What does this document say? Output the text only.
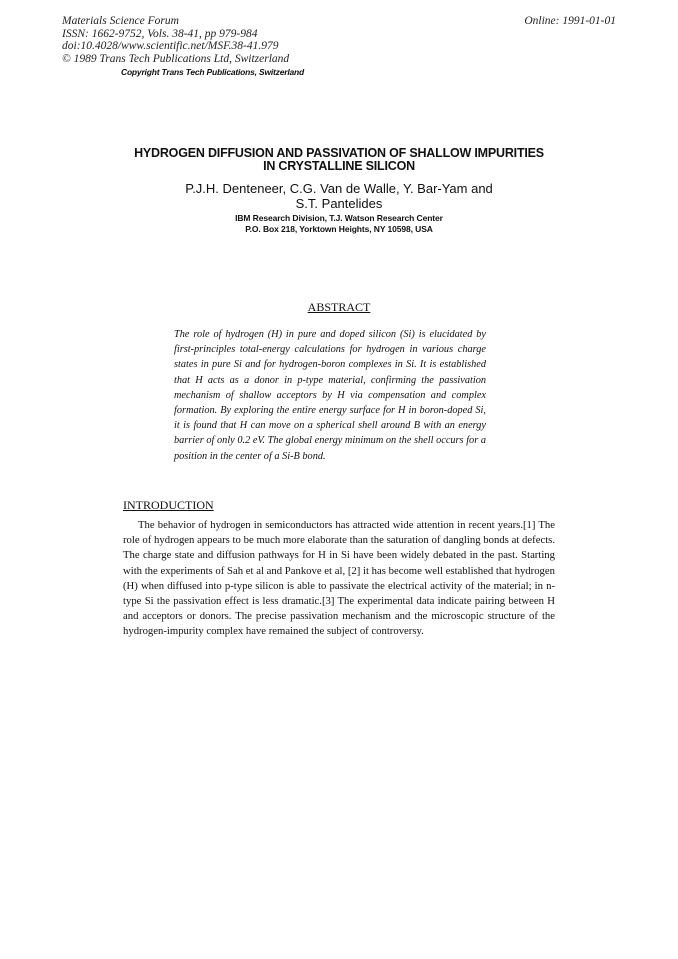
Materials Science Forum
ISSN: 1662-9752, Vols. 38-41, pp 979-984
doi:10.4028/www.scientific.net/MSF.38-41.979
© 1989 Trans Tech Publications Ltd, Switzerland
Online: 1991-01-01
Copyright Trans Tech Publications, Switzerland
HYDROGEN DIFFUSION AND PASSIVATION OF SHALLOW IMPURITIES
IN CRYSTALLINE SILICON
P.J.H. Denteneer, C.G. Van de Walle, Y. Bar-Yam and
S.T. Pantelides
IBM Research Division, T.J. Watson Research Center
P.O. Box 218, Yorktown Heights, NY 10598, USA
ABSTRACT
The role of hydrogen (H) in pure and doped silicon (Si) is elucidated by first-principles total-energy calculations for hydrogen in various charge states in pure Si and for hydrogen-boron complexes in Si. It is established that H acts as a donor in p-type material, confirming the passivation mechanism of shallow acceptors by H via compensation and complex formation. By exploring the entire energy surface for H in boron-doped Si, it is found that H can move on a spherical shell around B with an energy barrier of only 0.2 eV. The global energy minimum on the shell occurs for a position in the center of a Si-B bond.
INTRODUCTION
The behavior of hydrogen in semiconductors has attracted wide attention in recent years.[1] The role of hydrogen appears to be much more elaborate than the saturation of dangling bonds at defects. The charge state and diffusion pathways for H in Si have been widely debated in the past. Starting with the experiments of Sah et al and Pankove et al, [2] it has become well established that hydrogen (H) when diffused into p-type silicon is able to passivate the electrical activity of the material; in n-type Si the passivation effect is less dramatic.[3] The experimental data indicate pairing between H and acceptors or donors. The precise passivation mechanism and the microscopic structure of the hydrogen-impurity complex have remained the subject of controversy.
